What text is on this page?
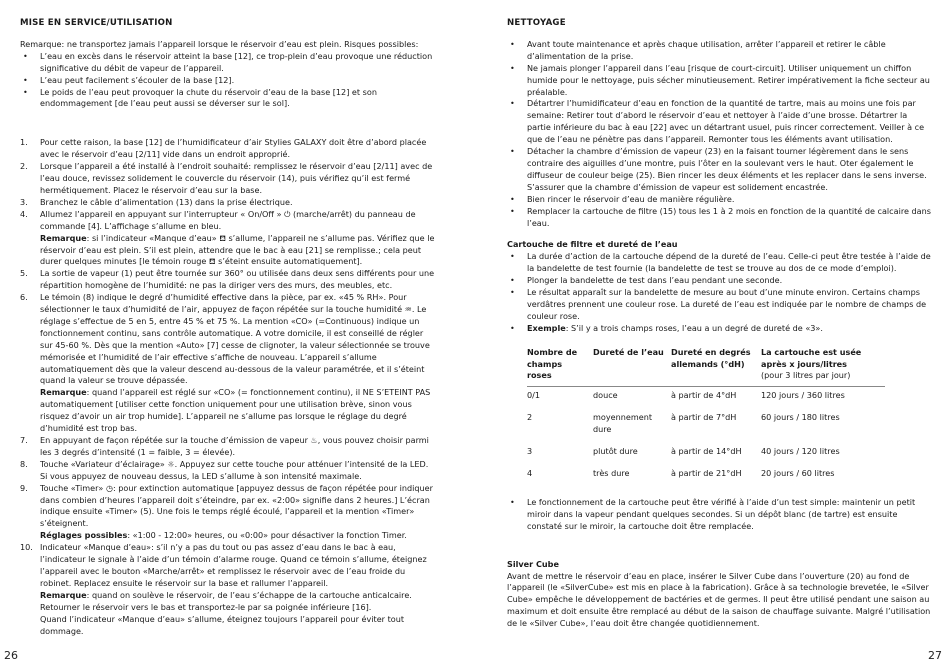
MISE EN SERVICE/UTILISATION

Remarque: ne transportez jamais l’appareil lorsque le réservoir d’eau est plein. Risques possibles:

• L’eau en excès dans le réservoir atteint la base [12], ce trop-plein d’eau provoque une réduction significative du débit de vapeur de l’appareil.
• L’eau peut facilement s’écouler de la base [12].
• Le poids de l’eau peut provoquer la chute du réservoir d’eau de la base [12] et son endommagement [de l’eau peut aussi se déverser sur le sol].
1. Pour cette raison, la base [12] de l’humidificateur d’air Stylies GALAXY doit être d’abord placée avec le réservoir d’eau [2/11] vide dans un endroit approprié.
2. Lorsque l’appareil a été installé à l’endroit souhaité: remplissez le réservoir d’eau [2/11] avec de l’eau douce, revissez solidement le couvercle du réservoir (14), puis vérifiez qu’il est fermé hermétiquement. Placez le réservoir d’eau sur la base.
3. Branchez le câble d’alimentation (13) dans la prise électrique.
4. Allumez l’appareil en appuyant sur l’interrupteur « On/Off » ⏻ (marche/arrêt) du panneau de commande [4]. L’affichage s’allume en bleu.
Remarque: si l’indicateur «Manque d’eau» ⛾ s’allume, l’appareil ne s’allume pas. Vérifiez que le réservoir d’eau est plein. S’il est plein, attendre que le bac à eau [21] se remplisse.; cela peut durer quelques minutes [le témoin rouge ⛾ s’éteint ensuite automatiquement].
5. La sortie de vapeur (1) peut être tournée sur 360° ou utilisée dans deux sens différents pour une répartition homogène de l’humidité: ne pas la diriger vers des murs, des meubles, etc.
6. Le témoin (8) indique le degré d’humidité effective dans la pièce, par ex. «45 % RH». Pour sélectionner le taux d’humidité de l’air, appuyez de façon répétée sur la touche humidité ♒. Le réglage s’effectue de 5 en 5, entre 45 % et 75 %. La mention «CO» (=Continuous) indique un fonctionnement continu, sans contrôle automatique. A votre domicile, il est conseillé de régler sur 45-60 %. Dès que la mention «Auto» [7] cesse de clignoter, la valeur sélectionnée se trouve mémorisée et l’humidité de l’air effective s’affiche de nouveau. L’appareil s’allume automatiquement dès que la valeur descend au-dessous de la valeur paramétrée, et il s’éteint quand la valeur se trouve dépassée.
Remarque: quand l’appareil est réglé sur «CO» (= fonctionnement continu), il NE S’ETEINT PAS automatiquement [utiliser cette fonction uniquement pour une utilisation brève, sinon vous risquez d’avoir un air trop humide]. L’appareil ne s’allume pas lorsque le réglage du degré d’humidité est trop bas.
7. En appuyant de façon répétée sur la touche d’émission de vapeur ♨, vous pouvez choisir parmi les 3 degrés d’intensité (1 = faible, 3 = élevée).
8. Touche «Variateur d’éclairage» ☼. Appuyez sur cette touche pour atténuer l’intensité de la LED. Si vous appuyez de nouveau dessus, la LED s’allume à son intensité maximale.
9. Touche «Timer» ◷: pour extinction automatique [appuyez dessus de façon répétée pour indiquer dans combien d’heures l’appareil doit s’éteindre, par ex. «2:00» signifie dans 2 heures.] L’écran indique ensuite «Timer» (5). Une fois le temps réglé écoulé, l’appareil et la mention «Timer» s’éteignent.
Réglages possibles: «1:00 - 12:00» heures, ou «0:00» pour désactiver la fonction Timer.
10. Indicateur «Manque d’eau»: s’il n’y a pas du tout ou pas assez d’eau dans le bac à eau, l’indicateur le signale à l’aide d’un témoin d’alarme rouge. Quand ce témoin s’allume, éteignez l’appareil avec le bouton «Marche/arrêt» et remplissez le réservoir avec de l’eau froide du robinet. Replacez ensuite le réservoir sur la base et rallumer l’appareil.
Remarque: quand on soulève le réservoir, de l’eau s’échappe de la cartouche anticalcaire. Retourner le réservoir vers le bas et transportez-le par sa poignée inférieure [16].
Quand l’indicateur «Manque d’eau» s’allume, éteignez toujours l’appareil pour éviter tout dommage.
26
NETTOYAGE
• Avant toute maintenance et après chaque utilisation, arrêter l’appareil et retirer le câble d’alimentation de la prise.
• Ne jamais plonger l’appareil dans l’eau [risque de court-circuit]. Utiliser uniquement un chiffon humide pour le nettoyage, puis sécher minutieusement. Retirer impérativement la fiche secteur au préalable.
• Détartrer l’humidificateur d’eau en fonction de la quantité de tartre, mais au moins une fois par semaine: Retirer tout d’abord le réservoir d’eau et nettoyer à l’aide d’une brosse. Détartrer la partie inférieure du bac à eau [22] avec un détartrant usuel, puis rincer correctement. Veiller à ce que de l’eau ne pénètre pas dans l’appareil. Remonter tous les éléments avant utilisation.
• Détacher la chambre d’émission de vapeur (23) en la faisant tourner légèrement dans le sens contraire des aiguilles d’une montre, puis l’ôter en la soulevant vers le haut. Oter également le diffuseur de couleur beige (25). Bien rincer les deux éléments et les replacer dans le sens inverse. S’assurer que la chambre d’émission de vapeur est solidement encastrée.
• Bien rincer le réservoir d’eau de manière régulière.
• Remplacer la cartouche de filtre (15) tous les 1 à 2 mois en fonction de la quantité de calcaire dans l’eau.
Cartouche de filtre et dureté de l’eau
• La durée d’action de la cartouche dépend de la dureté de l’eau. Celle-ci peut être testée à l’aide de la bandelette de test fournie (la bandelette de test se trouve au dos de ce mode d’emploi).
• Plonger la bandelette de test dans l’eau pendant une seconde.
• Le résultat apparaît sur la bandelette de mesure au bout d’une minute environ. Certains champs verdâtres prennent une couleur rose. La dureté de l’eau est indiquée par le nombre de champs de couleur rose.
• Exemple: S’il y a trois champs roses, l’eau a un degré de dureté de «3».
Nombre de champs roses	Dureté de l’eau	Dureté en degrés allemands (°dH)	La cartouche est usée après x jours/litres
(pour 3 litres par jour)
0/1	douce	à partir de 4°dH	120 jours / 360 litres
2	moyennement dure	à partir de 7°dH	60 jours / 180 litres
3	plutôt dure	à partir de 14°dH	40 jours / 120 litres
4	très dure	à partir de 21°dH	20 jours / 60 litres
• Le fonctionnement de la cartouche peut être vérifié à l’aide d’un test simple: maintenir un petit miroir dans la vapeur pendant quelques secondes. Si un dépôt blanc (de tartre) est ensuite constaté sur le miroir, la cartouche doit être remplacée.
Silver Cube

Avant de mettre le réservoir d’eau en place, insérer le Silver Cube dans l’ouverture (20) au fond de l’appareil (le «SilverCube» est mis en place à la fabrication). Grâce à sa technologie brevetée, le «Silver Cube» empêche le développement de bactéries et de germes. Il peut être utilisé pendant une saison au maximum et doit ensuite être remplacé au début de la saison de chauffage suivante. Malgré l’utilisation de le «Silver Cube», l’eau doit être changée quotidiennement.

27
